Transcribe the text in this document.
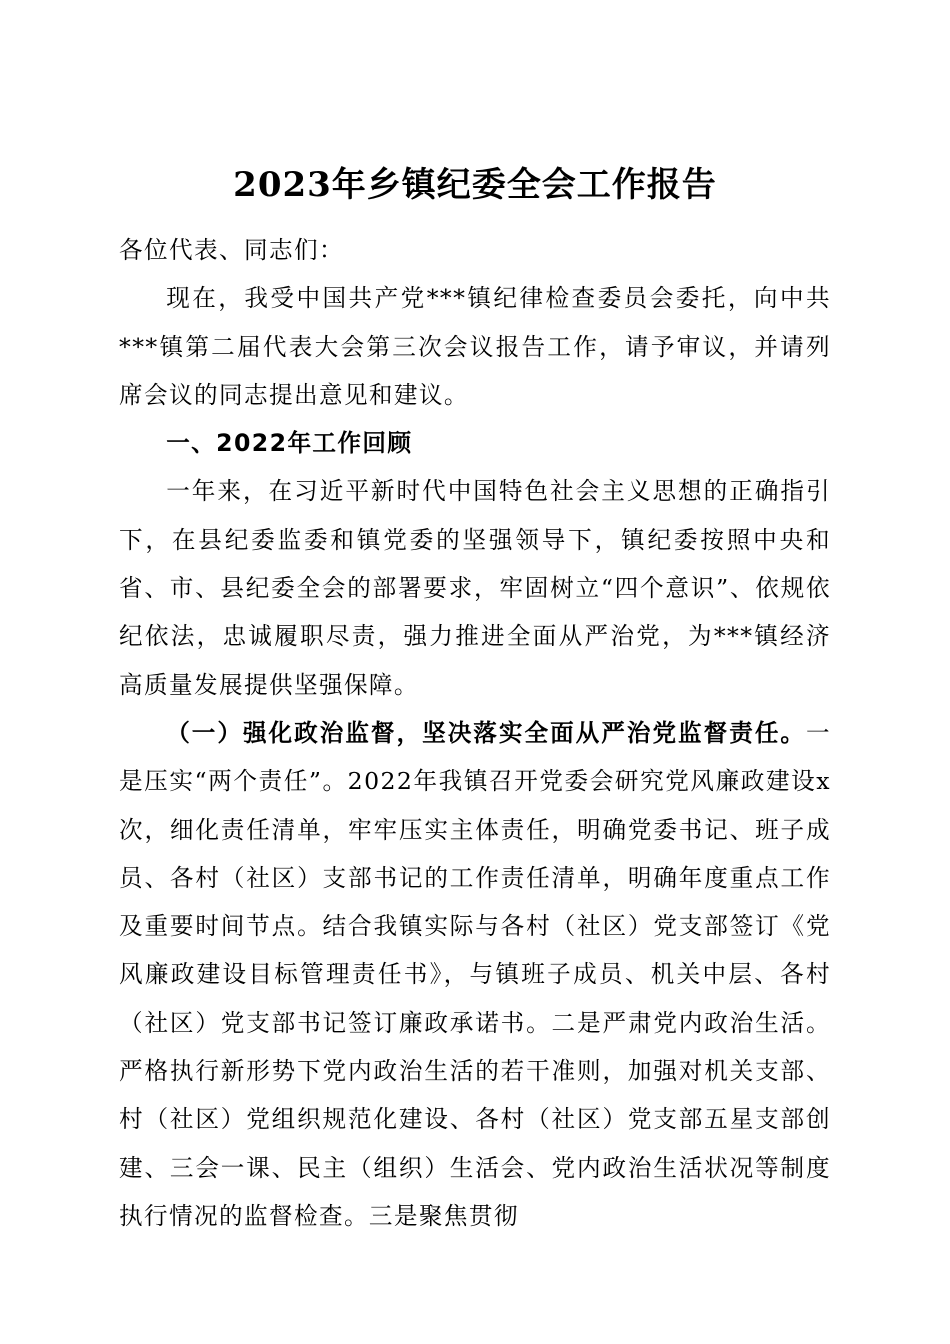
2023年乡镇纪委全会工作报告

各位代表、同志们：

现在，我受中国共产党***镇纪律检查委员会委托，向中共***镇第二届代表大会第三次会议报告工作，请予审议，并请列席会议的同志提出意见和建议。

一、2022年工作回顾

一年来，在习近平新时代中国特色社会主义思想的正确指引下，在县纪委监委和镇党委的坚强领导下，镇纪委按照中央和省、市、县纪委全会的部署要求，牢固树立“四个意识”、依规依纪依法，忠诚履职尽责，强力推进全面从严治党，为***镇经济高质量发展提供坚强保障。

（一）强化政治监督，坚决落实全面从严治党监督责任。一是压实“两个责任”。2022年我镇召开党委会研究党风廉政建设x次，细化责任清单，牢牢压实主体责任，明确党委书记、班子成员、各村（社区）支部书记的工作责任清单，明确年度重点工作及重要时间节点。结合我镇实际与各村（社区）党支部签订《党风廉政建设目标管理责任书》，与镇班子成员、机关中层、各村（社区）党支部书记签订廉政承诺书。二是严肃党内政治生活。严格执行新形势下党内政治生活的若干准则，加强对机关支部、村（社区）党组织规范化建设、各村（社区）党支部五星支部创建、三会一课、民主（组织）生活会、党内政治生活状况等制度执行情况的监督检查。三是聚焦贯彻
